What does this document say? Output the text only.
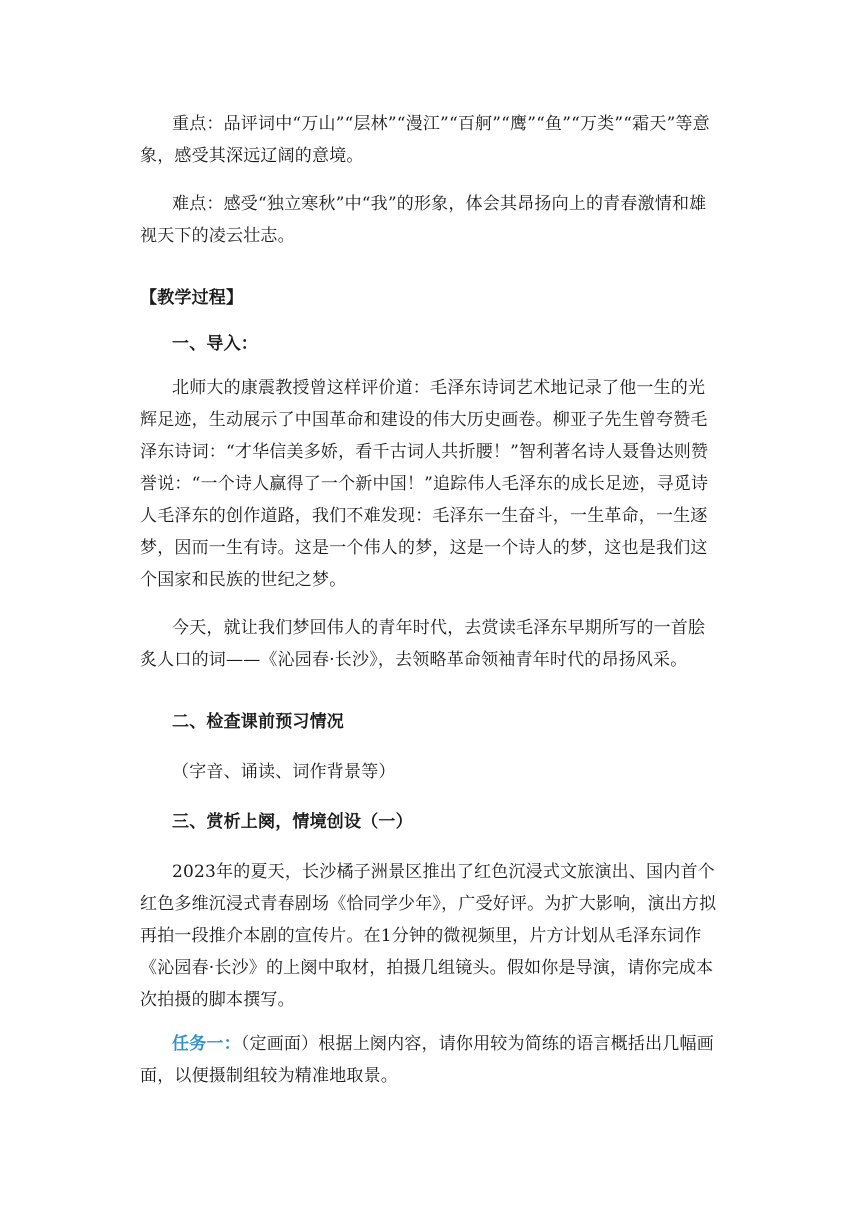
重点：品评词中“万山”“层林”“漫江”“百舸”“鹰”“鱼”“万类”“霜天”等意象，感受其深远辽阔的意境。

难点：感受“独立寒秋”中“我”的形象，体会其昂扬向上的青春激情和雄视天下的凌云壮志。

【教学过程】

一、导入：

北师大的康震教授曾这样评价道：毛泽东诗词艺术地记录了他一生的光辉足迹，生动展示了中国革命和建设的伟大历史画卷。柳亚子先生曾夸赞毛泽东诗词：“才华信美多娇，看千古词人共折腰！”智利著名诗人聂鲁达则赞誉说：“一个诗人赢得了一个新中国！”追踪伟人毛泽东的成长足迹，寻觅诗人毛泽东的创作道路，我们不难发现：毛泽东一生奋斗，一生革命，一生逐梦，因而一生有诗。这是一个伟人的梦，这是一个诗人的梦，这也是我们这个国家和民族的世纪之梦。

今天，就让我们梦回伟人的青年时代，去赏读毛泽东早期所写的一首脍炙人口的词——《沁园春·长沙》，去领略革命领袖青年时代的昂扬风采。

二、检查课前预习情况

（字音、诵读、词作背景等）

三、赏析上阕，情境创设（一）

2023年的夏天，长沙橘子洲景区推出了红色沉浸式文旅演出、国内首个红色多维沉浸式青春剧场《恰同学少年》，广受好评。为扩大影响，演出方拟再拍一段推介本剧的宣传片。在1分钟的微视频里，片方计划从毛泽东词作《沁园春·长沙》的上阕中取材，拍摄几组镜头。假如你是导演，请你完成本次拍摄的脚本撰写。

任务一：（定画面）根据上阕内容，请你用较为简练的语言概括出几幅画面，以便摄制组较为精准地取景。
